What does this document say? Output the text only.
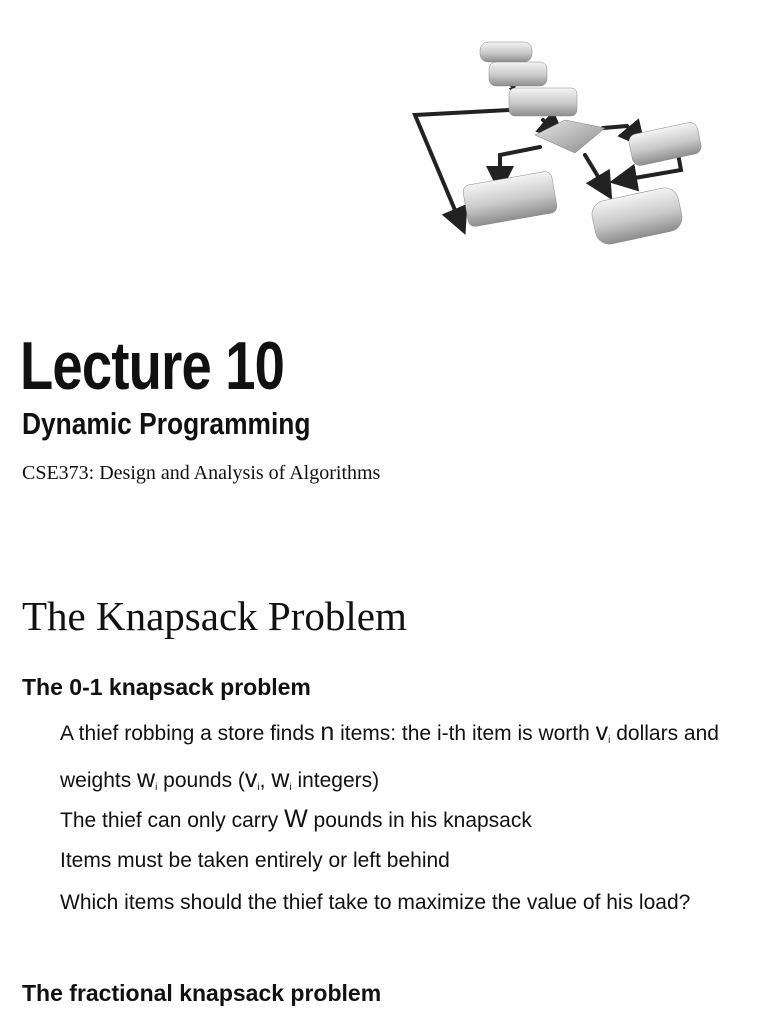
Lecture 10
Dynamic Programming

CSE373: Design and Analysis of Algorithms

The Knapsack Problem
The 0-1 knapsack problem

A thief robbing a store finds n items: the i-th item is worth $v_i$ dollars and weights $w_i$ pounds ($v_i$, $w_i$ integers)

The thief can only carry W pounds in his knapsack

Items must be taken entirely or left behind

Which items should the thief take to maximize the value of his load?

The fractional knapsack problem
